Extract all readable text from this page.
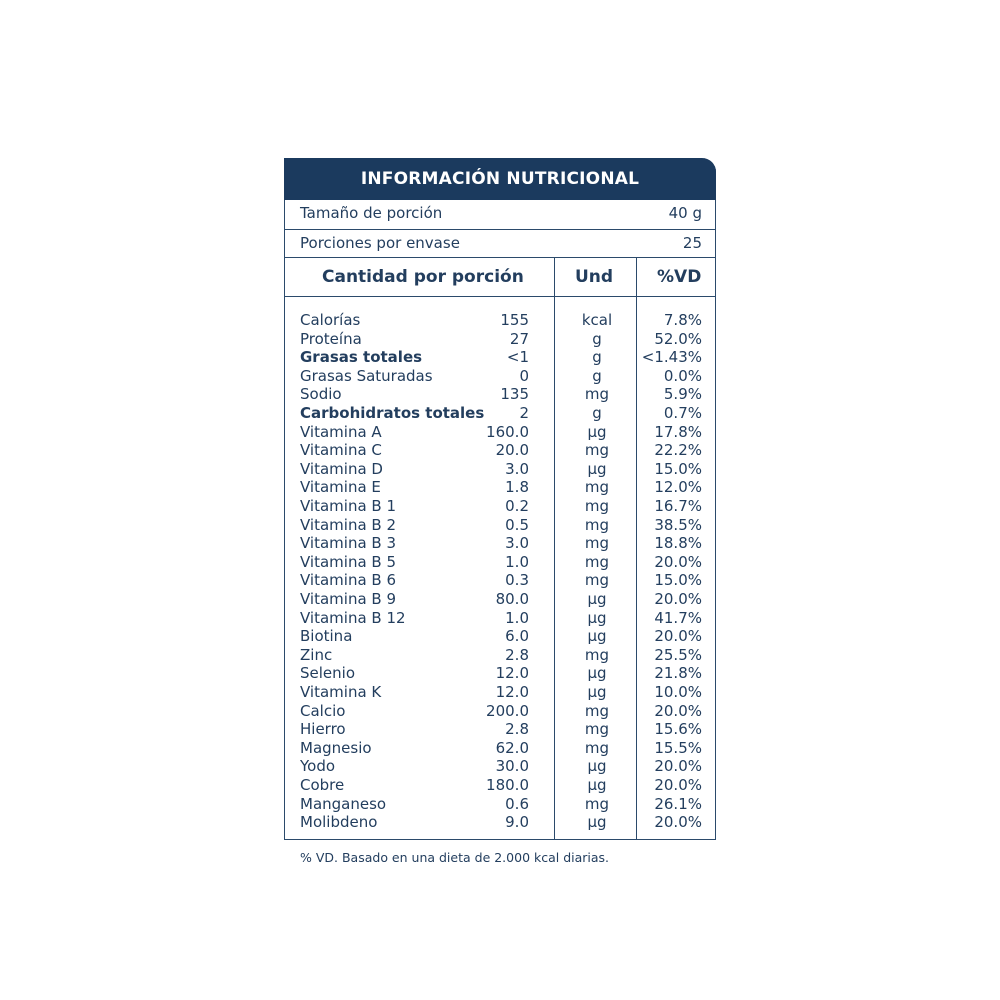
INFORMACIÓN NUTRICIONAL
Tamaño de porción	40 g
Porciones por envase	25
Cantidad por porción	Und	%VD
Calorías	155	kcal	7.8%
Proteína	27	g	52.0%
Grasas totales	<1	g	<1.43%
Grasas Saturadas	0	g	0.0%
Sodio	135	mg	5.9%
Carbohidratos totales 2	g	0.7%
Vitamina A	160.0	µg	17.8%
Vitamina C	20.0	mg	22.2%
Vitamina D	3.0	µg	15.0%
Vitamina E	1.8	mg	12.0%
Vitamina B 1	0.2	mg	16.7%
Vitamina B 2	0.5	mg	38.5%
Vitamina B 3	3.0	mg	18.8%
Vitamina B 5	1.0	mg	20.0%
Vitamina B 6	0.3	mg	15.0%
Vitamina B 9	80.0	µg	20.0%
Vitamina B 12	1.0	µg	41.7%
Biotina	6.0	µg	20.0%
Zinc	2.8	mg	25.5%
Selenio	12.0	µg	21.8%
Vitamina K	12.0	µg	10.0%
Calcio	200.0	mg	20.0%
Hierro	2.8	mg	15.6%
Magnesio	62.0	mg	15.5%
Yodo	30.0	µg	20.0%
Cobre	180.0	µg	20.0%
Manganeso	0.6	mg	26.1%
Molibdeno	9.0	µg	20.0%
% VD. Basado en una dieta de 2.000 kcal diarias.
